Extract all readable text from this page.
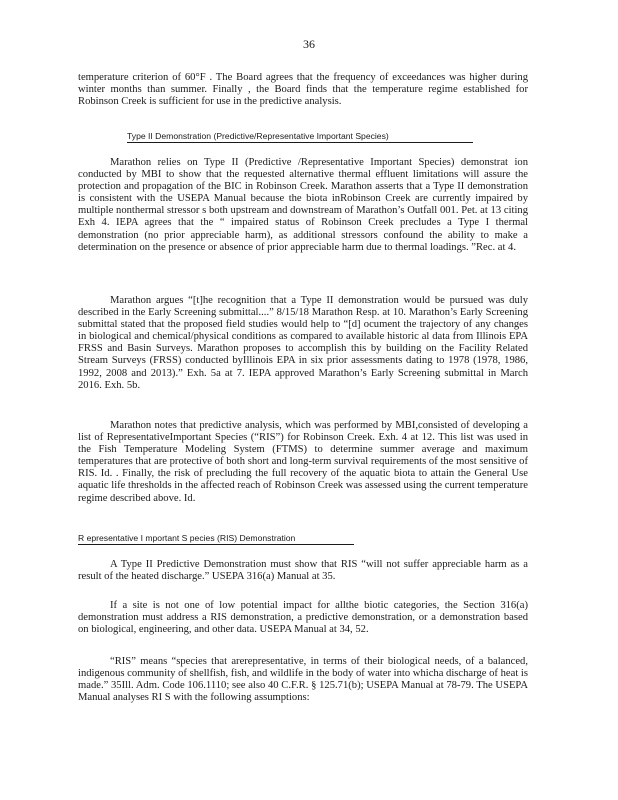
36

temperature criterion of 60°F . The Board agrees that the frequency of exceedances was higher during winter months than summer. Finally , the Board finds that the temperature regime established for Robinson Creek is sufficient for use in the predictive analysis.

Type II Demonstration (Predictive/Representative Important Species)

Marathon relies on Type II (Predictive /Representative Important Species) demonstrat ion conducted by MBI to show that the requested alternative thermal effluent limitations will assure the protection and propagation of the BIC in Robinson Creek. Marathon asserts that a Type II demonstration is consistent with the USEPA Manual because the biota inRobinson Creek are currently impaired by multiple nonthermal stressor s both upstream and downstream of Marathon’s Outfall 001. Pet. at 13 citing Exh 4. IEPA agrees that the “ impaired status of Robinson Creek precludes a Type I thermal demonstration (no prior appreciable harm), as additional stressors confound the ability to make a determination on the presence or absence of prior appreciable harm due to thermal loadings. ”Rec. at 4.

Marathon argues “[t]he recognition that a Type II demonstration would be pursued was duly described in the Early Screening submittal....” 8/15/18 Marathon Resp. at 10. Marathon’s Early Screening submittal stated that the proposed field studies would help to “[d] ocument the trajectory of any changes in biological and chemical/physical conditions as compared to available historic al data from Illinois EPA FRSS and Basin Surveys. Marathon proposes to accomplish this by building on the Facility Related Stream Surveys (FRSS) conducted byIllinois EPA in six prior assessments dating to 1978 (1978, 1986, 1992, 2008 and 2013).” Exh. 5a at 7. IEPA approved Marathon’s Early Screening submittal in March 2016. Exh. 5b.

Marathon notes that predictive analysis, which was performed by MBI,consisted of developing a list of RepresentativeImportant Species (“RIS”) for Robinson Creek. Exh. 4 at 12. This list was used in the Fish Temperature Modeling System (FTMS) to determine summer average and maximum temperatures that are protective of both short and long-term survival requirements of the most sensitive of RIS. Id. . Finally, the risk of precluding the full recovery of the aquatic biota to attain the General Use aquatic life thresholds in the affected reach of Robinson Creek was assessed using the current temperature regime described above. Id.

R epresentative I mportant S pecies (RIS) Demonstration

A Type II Predictive Demonstration must show that RIS “will not suffer appreciable harm as a result of the heated discharge.” USEPA 316(a) Manual at 35.

If a site is not one of low potential impact for allthe biotic categories, the Section 316(a) demonstration must address a RIS demonstration, a predictive demonstration, or a demonstration based on biological, engineering, and other data. USEPA Manual at 34, 52.

“RIS” means “species that arerepresentative, in terms of their biological needs, of a balanced, indigenous community of shellfish, fish, and wildlife in the body of water into whicha discharge of heat is made.” 35Ill. Adm. Code 106.1110; see also 40 C.F.R. § 125.71(b); USEPA Manual at 78-79. The USEPA Manual analyses RI S with the following assumptions:
